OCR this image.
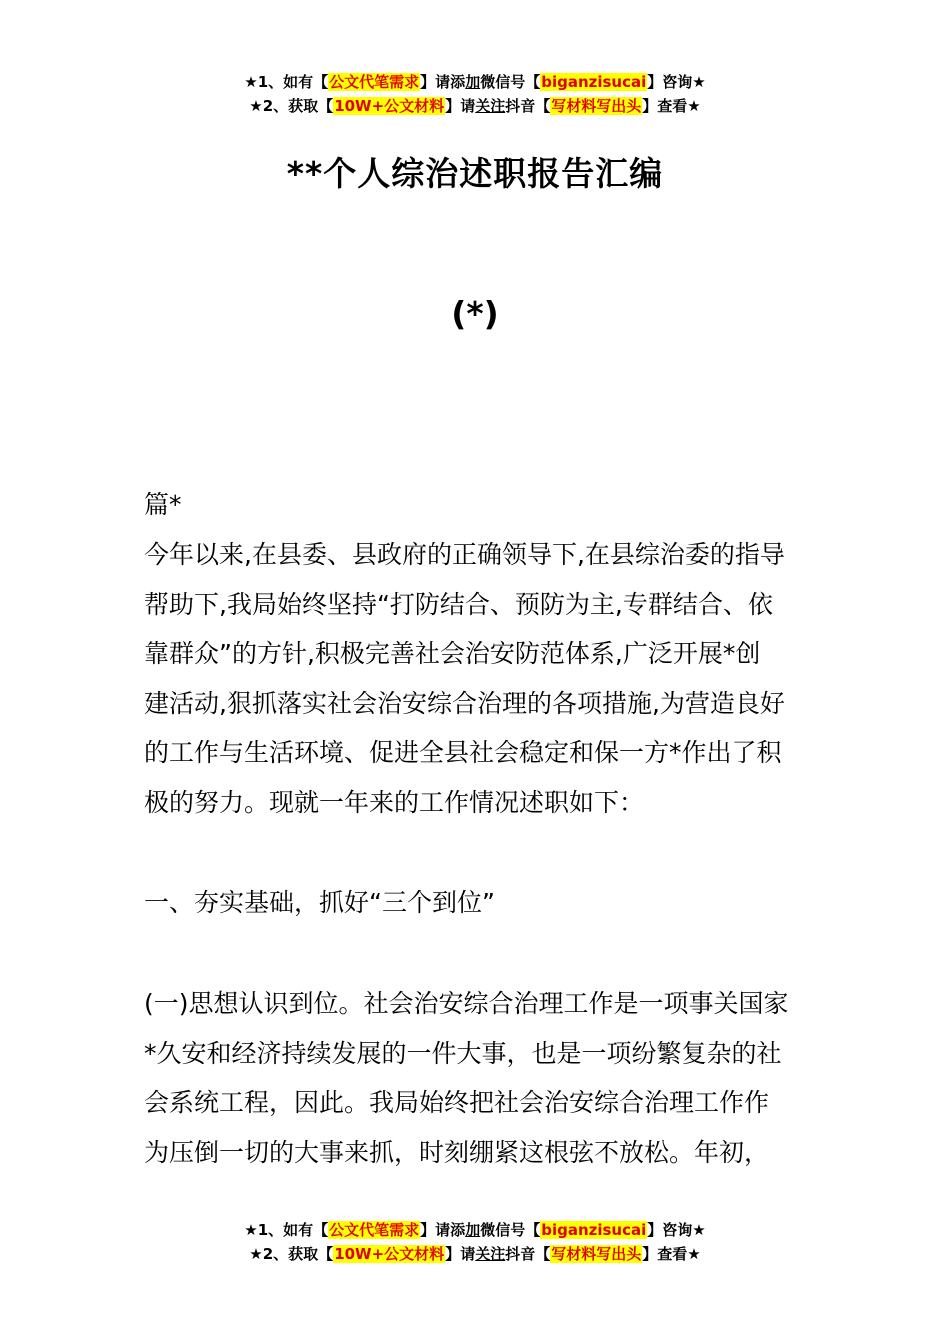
★1、如有【公文代笔需求】请添加微信号【biganzisucai】咨询★
★2、获取【10W+公文材料】请关注抖音【写材料写出头】查看★
**个人综治述职报告汇编
(*)
篇*
今年以来,在县委、县政府的正确领导下,在县综治委的指导
帮助下,我局始终坚持“打防结合、预防为主,专群结合、依
靠群众”的方针,积极完善社会治安防范体系,广泛开展*创
建活动,狠抓落实社会治安综合治理的各项措施,为营造良好
的工作与生活环境、促进全县社会稳定和保一方*作出了积
极的努力。现就一年来的工作情况述职如下：
一、夯实基础，抓好“三个到位”
(一)思想认识到位。社会治安综合治理工作是一项事关国家
*久安和经济持续发展的一件大事，也是一项纷繁复杂的社
会系统工程，因此。我局始终把社会治安综合治理工作作
为压倒一切的大事来抓，时刻绷紧这根弦不放松。年初，
★1、如有【公文代笔需求】请添加微信号【biganzisucai】咨询★
★2、获取【10W+公文材料】请关注抖音【写材料写出头】查看★
